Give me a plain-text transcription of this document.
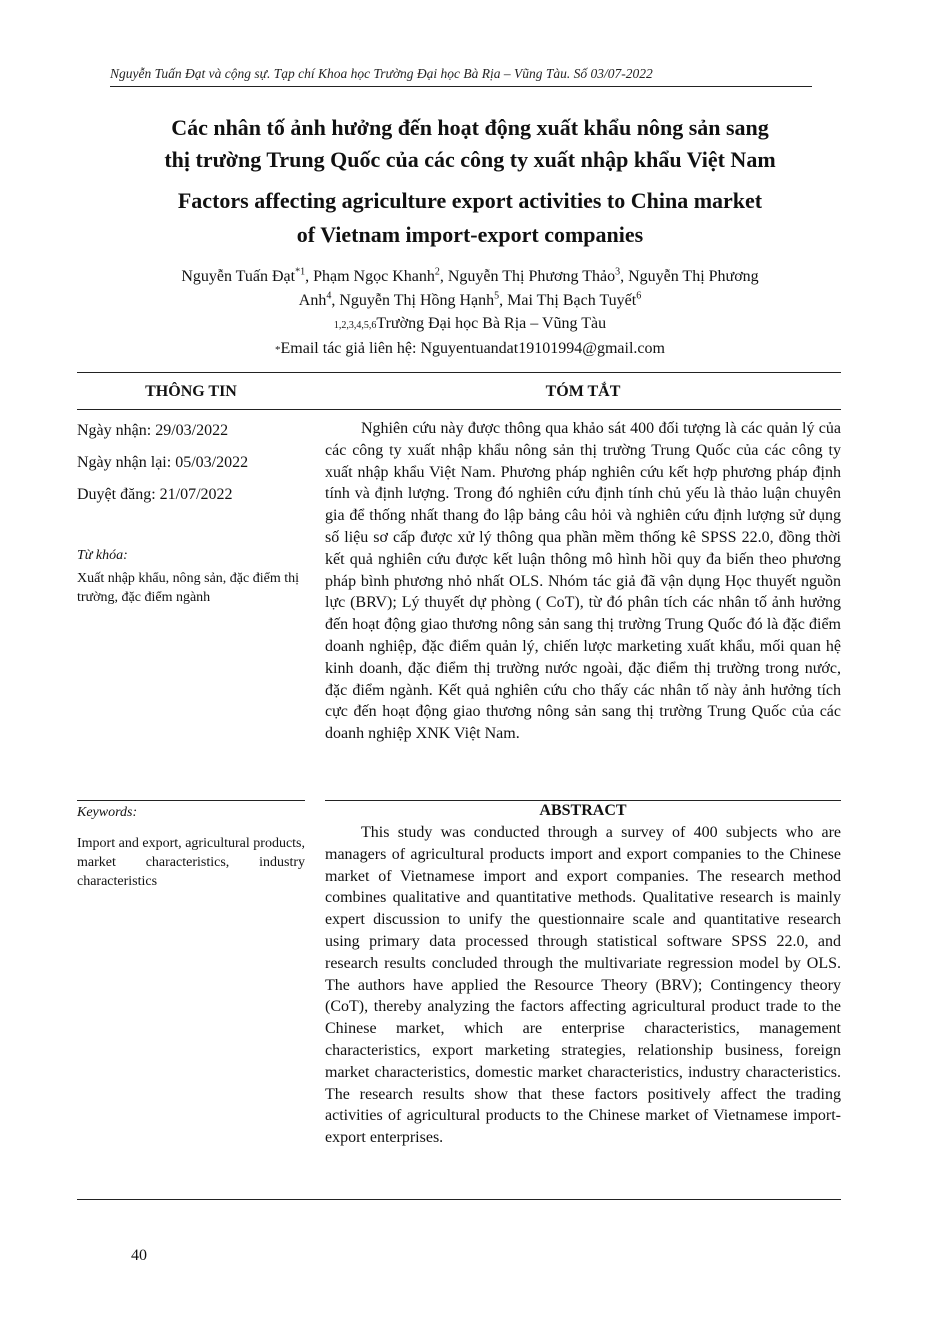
Nguyễn Tuấn Đạt và cộng sự. Tạp chí Khoa học Trường Đại học Bà Rịa – Vũng Tàu. Số 03/07-2022

Các nhân tố ảnh hưởng đến hoạt động xuất khẩu nông sản sang
thị trường Trung Quốc của các công ty xuất nhập khẩu Việt Nam

Factors affecting agriculture export activities to China market
of Vietnam import-export companies

Nguyễn Tuấn Đạt$^{*1}$, Phạm Ngọc Khanh$^2$, Nguyễn Thị Phương Thảo$^3$, Nguyễn Thị Phương
Anh$^4$, Nguyễn Thị Hồng Hạnh$^5$, Mai Thị Bạch Tuyết$^6$
1,2,3,4,5,6Trường Đại học Bà Rịa – Vũng Tàu
*Email tác giả liên hệ: Nguyentuandat19101994@gmail.com
THÔNG TIN	TÓM TẮT
Ngày nhận: 29/03/2022
Ngày nhận lại: 05/03/2022
Duyệt đăng: 21/07/2022
Từ khóa:
Xuất nhập khẩu, nông sản, đặc điểm thị trường, đặc điểm ngành

Nghiên cứu này được thông qua khảo sát 400 đối tượng là các quản lý của các công ty xuất nhập khẩu nông sản thị trường Trung Quốc của các công ty xuất nhập khẩu Việt Nam. Phương pháp nghiên cứu kết hợp phương pháp định tính và định lượng. Trong đó nghiên cứu định tính chủ yếu là thảo luận chuyên gia để thống nhất thang đo lập bảng câu hỏi và nghiên cứu định lượng sử dụng số liệu sơ cấp được xử lý thông qua phần mềm thống kê SPSS 22.0, đồng thời kết quả nghiên cứu được kết luận thông mô hình hồi quy đa biến theo phương pháp bình phương nhỏ nhất OLS. Nhóm tác giả đã vận dụng Học thuyết nguồn lực (BRV); Lý thuyết dự phòng ( CoT), từ đó phân tích các nhân tố ảnh hưởng đến hoạt động giao thương nông sản sang thị trường Trung Quốc đó là đặc điểm doanh nghiệp, đặc điểm quản lý, chiến lược marketing xuất khẩu, mối quan hệ kinh doanh, đặc điểm thị trường nước ngoài, đặc điểm thị trường trong nước, đặc điểm ngành. Kết quả nghiên cứu cho thấy các nhân tố này ảnh hưởng tích cực đến hoạt động giao thương nông sản sang thị trường Trung Quốc của các doanh nghiệp XNK Việt Nam.

Keywords:
Import and export, agricultural products, market characteristics, industry characteristics
ABSTRACT

This study was conducted through a survey of 400 subjects who are managers of agricultural products import and export companies to the Chinese market of Vietnamese import and export companies. The research method combines qualitative and quantitative methods. Qualitative research is mainly expert discussion to unify the questionnaire scale and quantitative research using primary data processed through statistical software SPSS 22.0, and research results concluded through the multivariate regression model by OLS. The authors have applied the Resource Theory (BRV); Contingency theory (CoT), thereby analyzing the factors affecting agricultural product trade to the Chinese market, which are enterprise characteristics, management characteristics, export marketing strategies, relationship business, foreign market characteristics, domestic market characteristics, industry characteristics. The research results show that these factors positively affect the trading activities of agricultural products to the Chinese market of Vietnamese import-export enterprises.

40
